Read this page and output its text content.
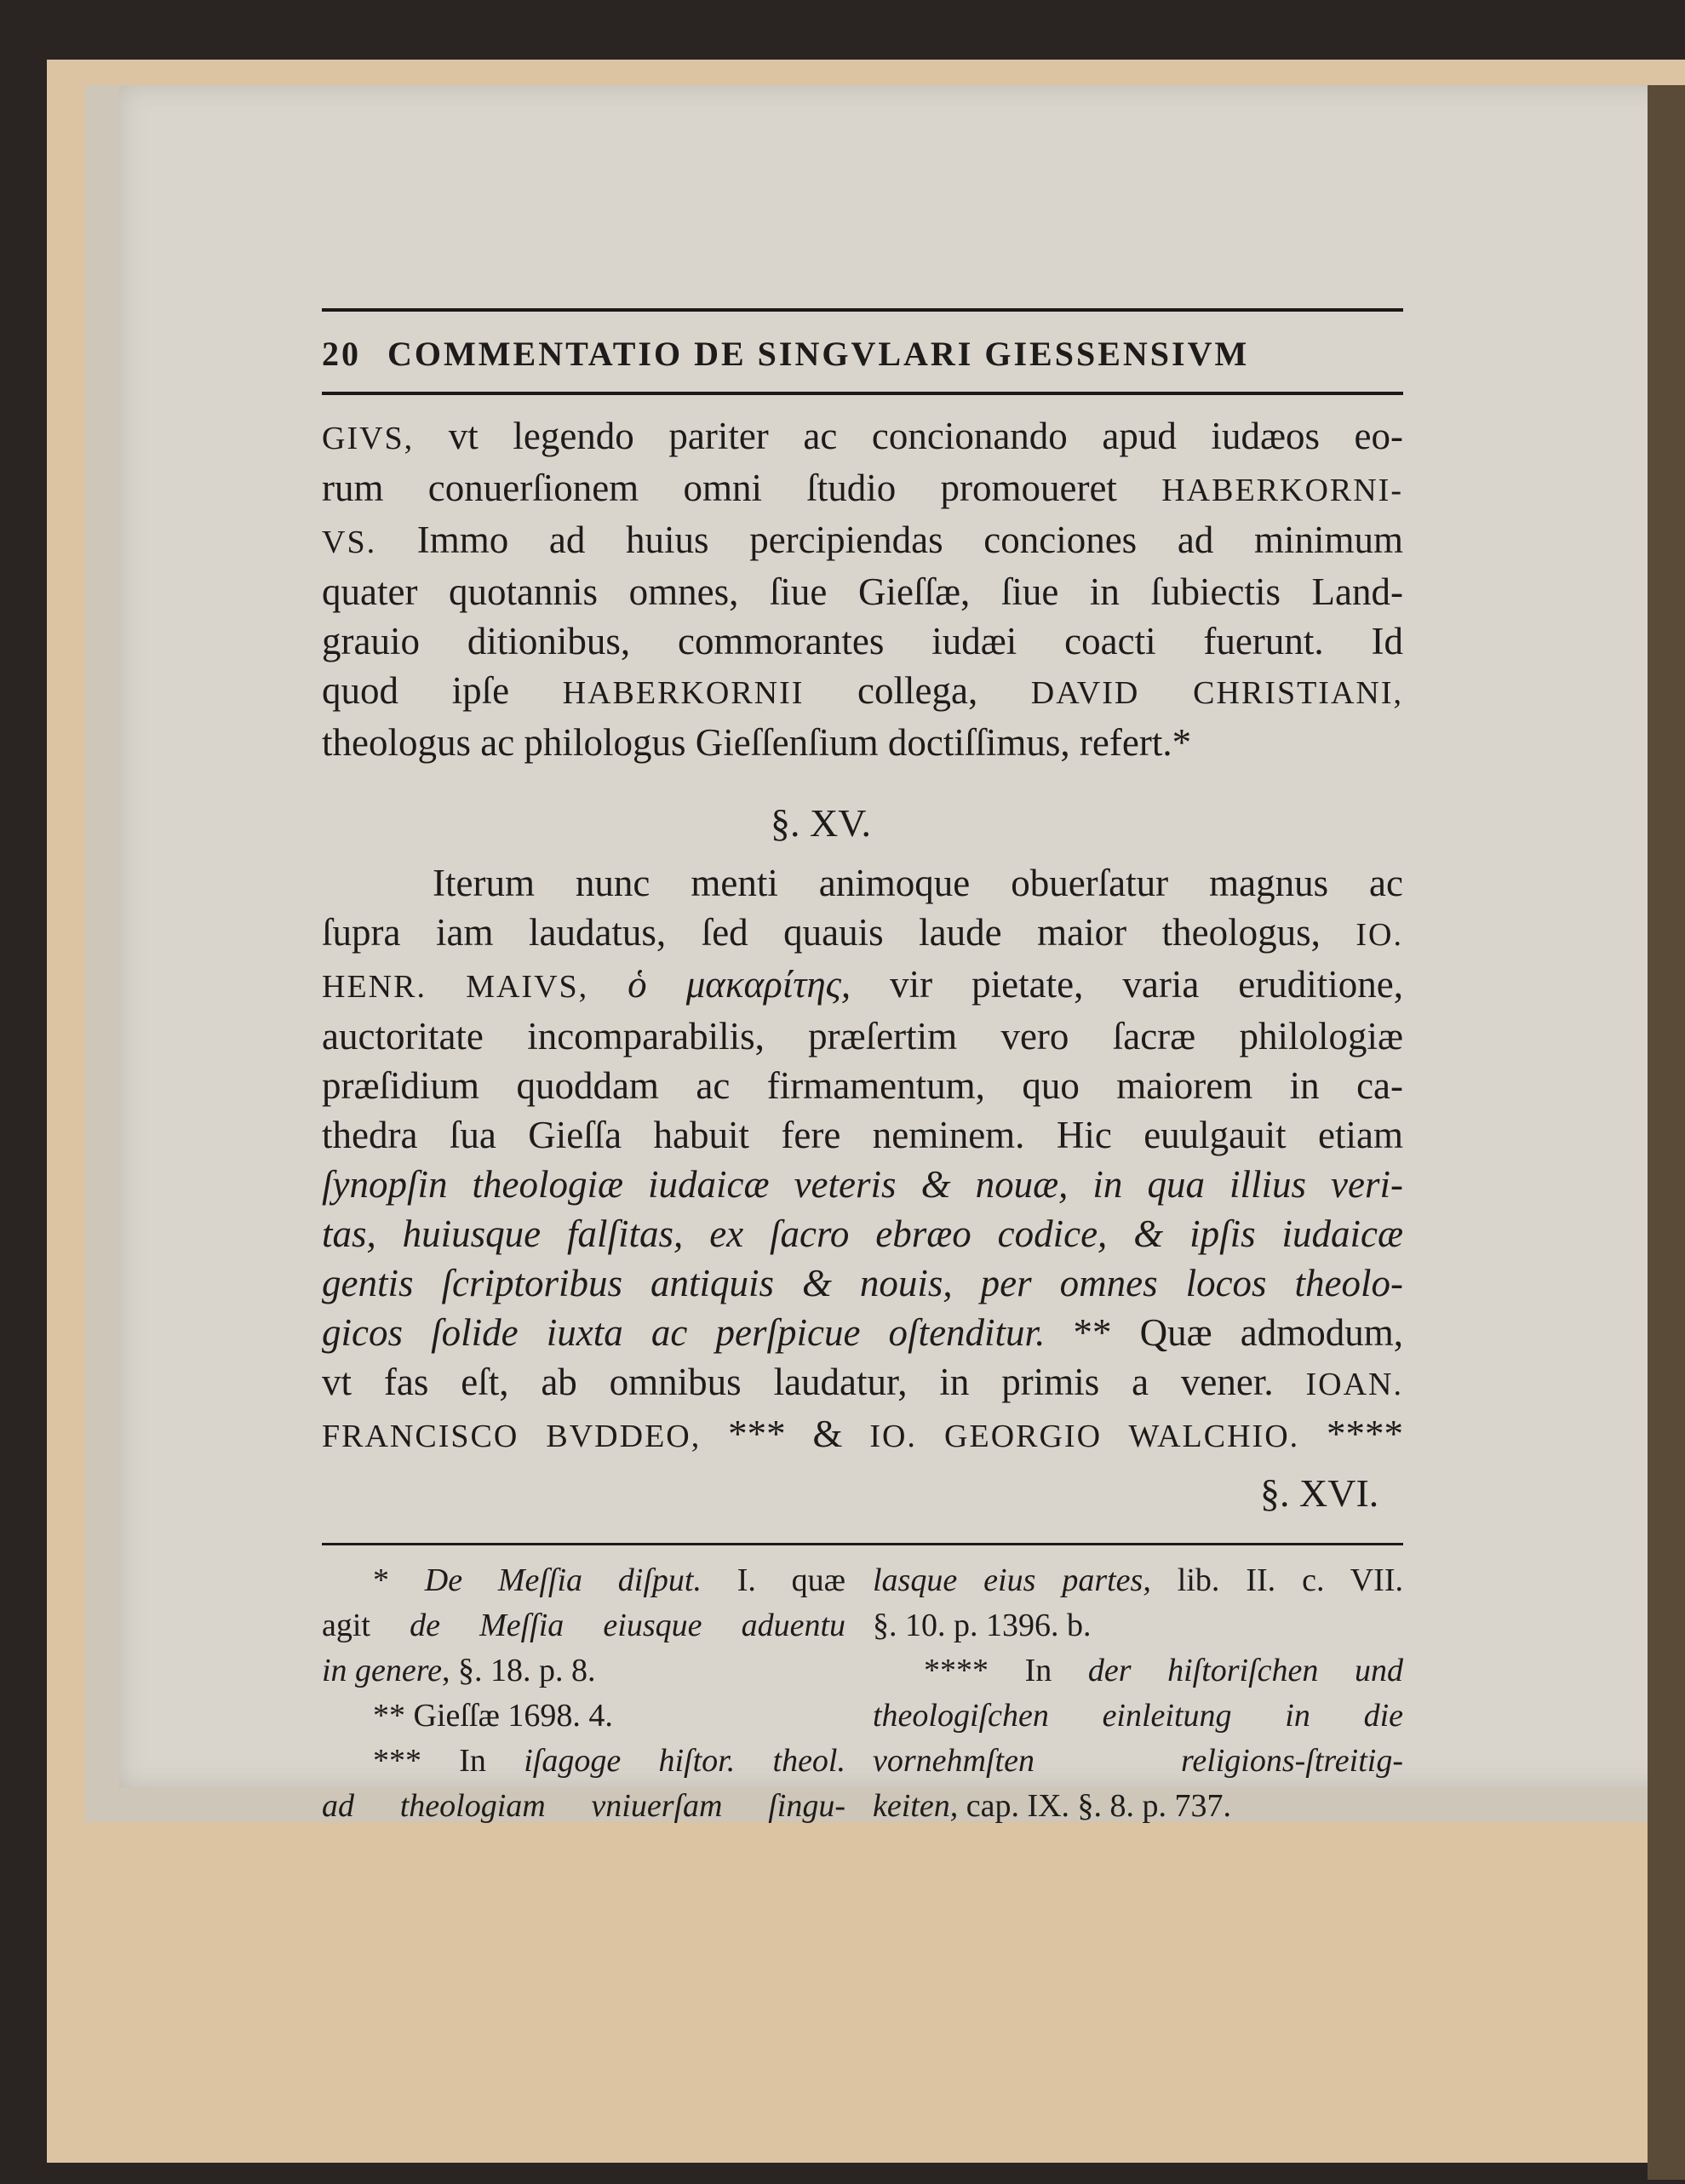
20 COMMENTATIO DE SINGVLARI GIESSENSIVM
GIVS, vt legendo pariter ac concionando apud iudæos eo-
rum conuerſionem omni ſtudio promoueret HABERKORNI-
VS. Immo ad huius percipiendas conciones ad minimum
quater quotannis omnes, ſiue Gieſſæ, ſiue in ſubiectis Land-
grauio ditionibus, commorantes iudæi coacti fuerunt. Id
quod ipſe HABERKORNII collega, DAVID CHRISTIANI,
theologus ac philologus Gieſſenſium doctiſſimus, refert.*
§. XV.
Iterum nunc menti animoque obuerſatur magnus ac
ſupra iam laudatus, ſed quauis laude maior theologus, IO.
HENR. MAIVS, ὁ μακαρίτης, vir pietate, varia eruditione,
auctoritate incomparabilis, præſertim vero ſacræ philologiæ
præſidium quoddam ac firmamentum, quo maiorem in ca-
thedra ſua Gieſſa habuit fere neminem. Hic euulgauit etiam
ſynopſin theologiæ iudaicæ veteris & nouæ, in qua illius veri-
tas, huiusque falſitas, ex ſacro ebræo codice, & ipſis iudaicæ
gentis ſcriptoribus antiquis & nouis, per omnes locos theolo-
gicos ſolide iuxta ac perſpicue oſtenditur. ** Quæ admodum,
vt fas eſt, ab omnibus laudatur, in primis a vener. IOAN.
FRANCISCO BVDDEO, *** & IO. GEORGIO WALCHIO. ****
§. XVI.
* De Meſſia diſput. I. quæ
agit de Meſſia eiusque aduentu
in genere, §. 18. p. 8.
** Gieſſæ 1698. 4.
*** In iſagoge hiſtor. theol.
ad theologiam vniuerſam ſingu-
lasque eius partes, lib. II. c. VII.
§. 10. p. 1396. b.
**** In der hiſtoriſchen und
theologiſchen einleitung in die
vornehmſten religions-ſtreitig-
keiten, cap. IX. §. 8. p. 737.
